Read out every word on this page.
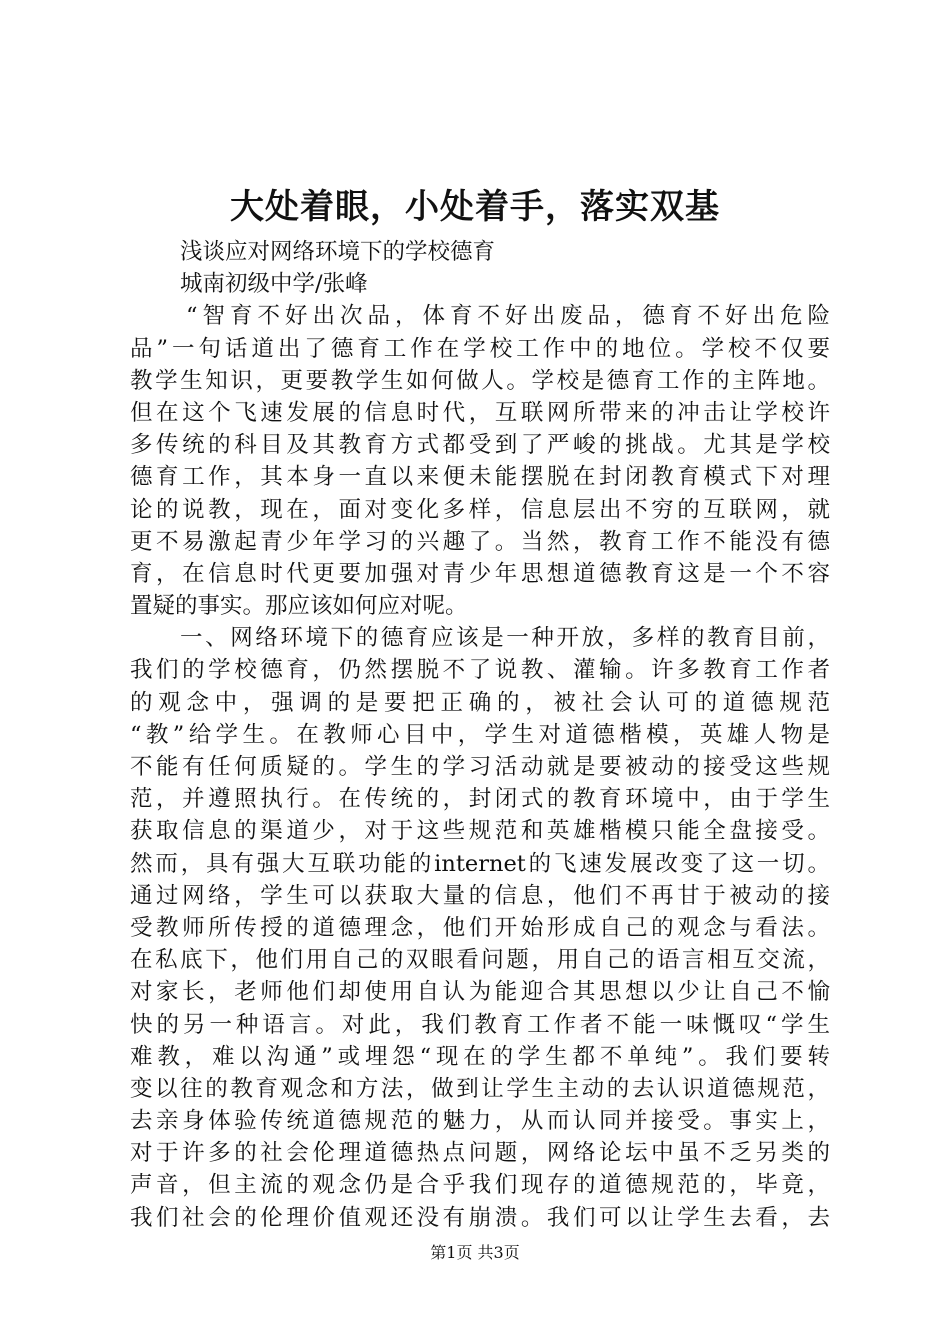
大处着眼，小处着手，落实双基
浅谈应对网络环境下的学校德育
城南初级中学/张峰
“智育不好出次品，体育不好出废品，德育不好出危险
品”一句话道出了德育工作在学校工作中的地位。学校不仅要
教学生知识，更要教学生如何做人。学校是德育工作的主阵地。
但在这个飞速发展的信息时代，互联网所带来的冲击让学校许
多传统的科目及其教育方式都受到了严峻的挑战。尤其是学校
德育工作，其本身一直以来便未能摆脱在封闭教育模式下对理
论的说教，现在，面对变化多样，信息层出不穷的互联网，就
更不易激起青少年学习的兴趣了。当然，教育工作不能没有德
育，在信息时代更要加强对青少年思想道德教育这是一个不容
置疑的事实。那应该如何应对呢。
一、网络环境下的德育应该是一种开放，多样的教育目前，
我们的学校德育，仍然摆脱不了说教、灌输。许多教育工作者
的观念中，强调的是要把正确的，被社会认可的道德规范
“教”给学生。在教师心目中，学生对道德楷模，英雄人物是
不能有任何质疑的。学生的学习活动就是要被动的接受这些规
范，并遵照执行。在传统的，封闭式的教育环境中，由于学生
获取信息的渠道少，对于这些规范和英雄楷模只能全盘接受。
然而，具有强大互联功能的internet的飞速发展改变了这一切。
通过网络，学生可以获取大量的信息，他们不再甘于被动的接
受教师所传授的道德理念，他们开始形成自己的观念与看法。
在私底下，他们用自己的双眼看问题，用自己的语言相互交流，
对家长，老师他们却使用自认为能迎合其思想以少让自己不愉
快的另一种语言。对此，我们教育工作者不能一味慨叹“学生
难教，难以沟通”或埋怨“现在的学生都不单纯”。我们要转
变以往的教育观念和方法，做到让学生主动的去认识道德规范，
去亲身体验传统道德规范的魅力，从而认同并接受。事实上，
对于许多的社会伦理道德热点问题，网络论坛中虽不乏另类的
声音，但主流的观念仍是合乎我们现存的道德规范的，毕竟，
我们社会的伦理价值观还没有崩溃。我们可以让学生去看，去
第1页 共3页
